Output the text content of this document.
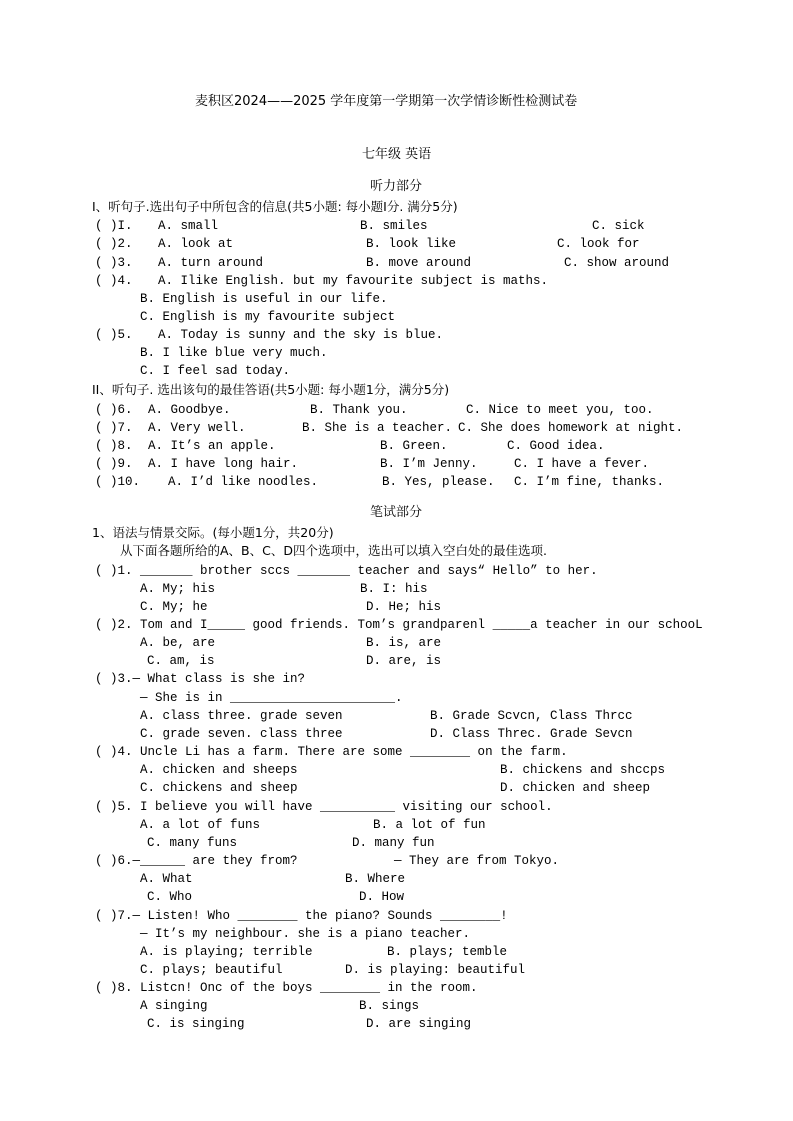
麦积区2024——2025 学年度第一学期第一次学情诊断性检测试卷
七年级 英语
听力部分
I、听句子.选出句子中所包含的信息(共5小题: 每小题I分. 满分5分)
( )I. A. small	B. smiles	C. sick
( )2. A. look at	B. look like	C. look for
( )3. A. turn around	B. move around	C. show around
( )4. A. Ilike English. but my favourite subject is maths.
B. English is useful in our life.
C. English is my favourite subject
( )5. A. Today is sunny and the sky is blue.
B. I like blue very much.
C. I feel sad today.
II、听句子. 选出该句的最佳答语(共5小题: 每小题1分，满分5分)
( )6. A. Goodbye.	B. Thank you.	C. Nice to meet you, too.
( )7. A. Very well.	B. She is a teacher. C. She does homework at night.
( )8. A. It’s an apple.	B. Green.	C. Good idea.
( )9. A. I have long hair.	B. I’m Jenny.	C. I have a fever.
( )10. A. I’d like noodles.	B. Yes, please. C. I’m fine, thanks.
笔试部分
1、语法与情景交际。(每小题1分，共20分)
从下面各题所给的A、B、C、D四个选项中，选出可以填入空白处的最佳选项.
( )1. _______ brother sccs _______ teacher and says“ Hello” to her.
A. My; his	B. I: his
C. My; he	D. He; his
( )2. Tom and I_____ good friends. Tom’s grandparenl _____a teacher in our schooL
A. be, are	B. is, are
C. am, is	D. are, is
( )3.— What class is she in?
— She is in ______________________.
A. class three. grade seven	B. Grade Scvcn, Class Thrcc
C. grade seven. class three	D. Class Threc. Grade Sevcn
( )4. Uncle Li has a farm. There are some ________ on the farm.
A. chicken and sheeps	B. chickens and shccps
C. chickens and sheep	D. chicken and sheep
( )5. I believe you will have __________ visiting our school.
A. a lot of funs	B. a lot of fun
C. many funs	D. many fun
( )6.—______ are they from?	— They are from Tokyo.
A. What	B. Where
C. Who	D. How
( )7.— Listen! Who ________ the piano? Sounds ________!
— It’s my neighbour. she is a piano teacher.
A. is playing; terrible	B. plays; temble
C. plays; beautiful	D. is playing: beautiful
( )8. Listcn! Onc of the boys ________ in the room.
A singing	B. sings
C. is singing	D. are singing
